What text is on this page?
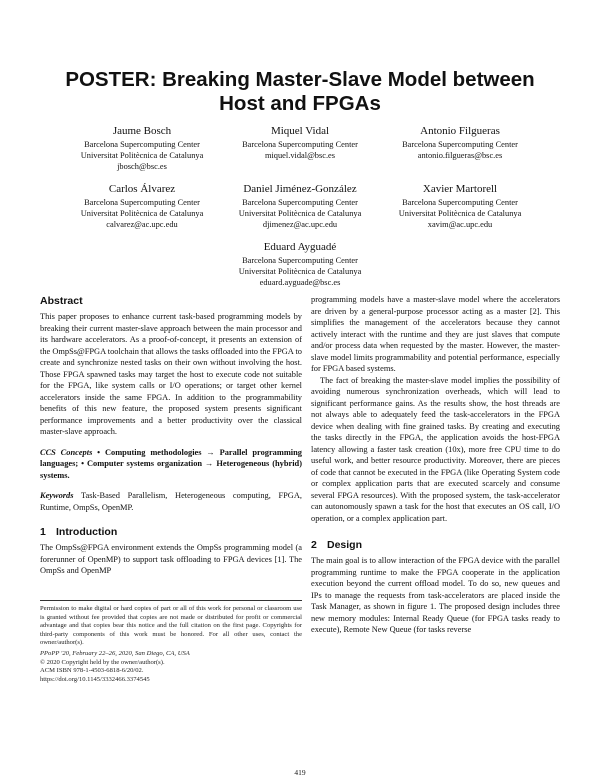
POSTER: Breaking Master-Slave Model between Host and FPGAs
Jaume Bosch
Barcelona Supercomputing Center
Universitat Politècnica de Catalunya
jbosch@bsc.es
Miquel Vidal
Barcelona Supercomputing Center
miquel.vidal@bsc.es
Antonio Filgueras
Barcelona Supercomputing Center
antonio.filgueras@bsc.es
Carlos Álvarez
Barcelona Supercomputing Center
Universitat Politècnica de Catalunya
calvarez@ac.upc.edu
Daniel Jiménez-González
Barcelona Supercomputing Center
Universitat Politècnica de Catalunya
djimenez@ac.upc.edu
Xavier Martorell
Barcelona Supercomputing Center
Universitat Politècnica de Catalunya
xavim@ac.upc.edu
Eduard Ayguadé
Barcelona Supercomputing Center
Universitat Politècnica de Catalunya
eduard.ayguade@bsc.es
Abstract

This paper proposes to enhance current task-based programming models by breaking their current master-slave approach between the main processor and its hardware accelerators. As a proof-of-concept, it presents an extension of the OmpSs@FPGA toolchain that allows the tasks offloaded into the FPGA to create and synchronize nested tasks on their own without involving the host. Those FPGA spawned tasks may target the host to execute code not suitable for the FPGA, like system calls or I/O operations; or target other kernel accelerators inside the same FPGA. In addition to the programmability benefits of this new feature, the proposed system presents significant performance improvements and a better productivity over the classical master-slave approach.

CCS Concepts • Computing methodologies → Parallel programming languages; • Computer systems organization → Heterogeneous (hybrid) systems.

Keywords Task-Based Parallelism, Heterogeneous computing, FPGA, Runtime, OmpSs, OpenMP.

1 Introduction

The OmpSs@FPGA environment extends the OmpSs programming model (a forerunner of OpenMP) to support task offloading to FPGA devices [1]. The OmpSs and OpenMP

Permission to make digital or hard copies of part or all of this work for personal or classroom use is granted without fee provided that copies are not made or distributed for profit or commercial advantage and that copies bear this notice and the full citation on the first page. Copyrights for third-party components of this work must be honored. For all other uses, contact the owner/author(s).

PPoPP '20, February 22–26, 2020, San Diego, CA, USA
© 2020 Copyright held by the owner/author(s).
ACM ISBN 978-1-4503-6818-6/20/02.
https://doi.org/10.1145/3332466.3374545

programming models have a master-slave model where the accelerators are driven by a general-purpose processor acting as a master [2]. This simplifies the management of the accelerators because they cannot actively interact with the runtime and they are just slaves that compute and/or process data when requested by the master. However, the master-slave model limits programmability and potential performance, especially for FPGA based systems.

The fact of breaking the master-slave model implies the possibility of avoiding numerous synchronization overheads, which will lead to significant performance gains. As the results show, the host threads are not always able to adequately feed the task-accelerators in the FPGA device when dealing with fine grained tasks. By creating and executing the tasks directly in the FPGA, the application avoids the host-FPGA latency allowing a faster task creation (10x), more free CPU time to do useful work, and better resource productivity. Moreover, there are pieces of code that cannot be executed in the FPGA (like Operating System code or complex application parts that are executed scarcely and consume several FPGA resources). With the proposed system, the task-accelerator can autonomously spawn a task for the host that executes an OS call, I/O operation, or a complex application part.

2 Design

The main goal is to allow interaction of the FPGA device with the parallel programming runtime to make the FPGA cooperate in the application execution beyond the current offload model. To do so, new queues and IPs to manage the requests from task-accelerators are placed inside the Task Manager, as shown in figure 1. The proposed design includes three new memory modules: Internal Ready Queue (for FPGA tasks ready to execute), Remote New Queue (for tasks reverse

419
